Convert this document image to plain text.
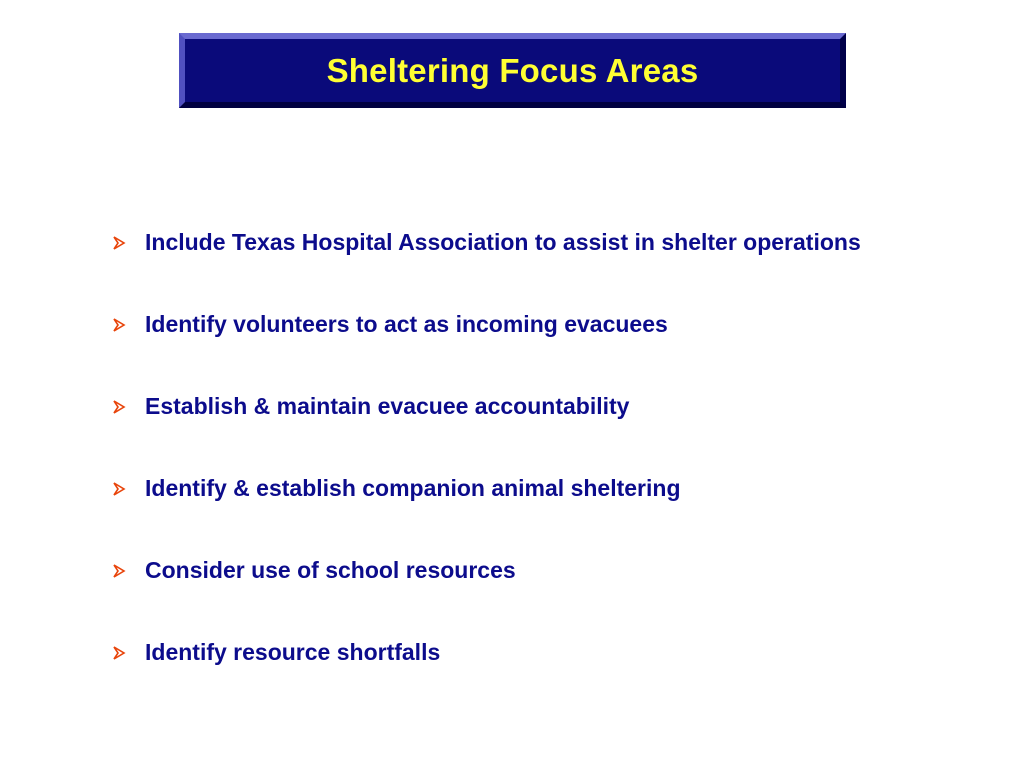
Sheltering Focus Areas
Include Texas Hospital Association to assist in shelter operations
Identify volunteers to act as incoming evacuees
Establish & maintain evacuee accountability
Identify & establish companion animal sheltering
Consider use of school resources
Identify resource shortfalls
